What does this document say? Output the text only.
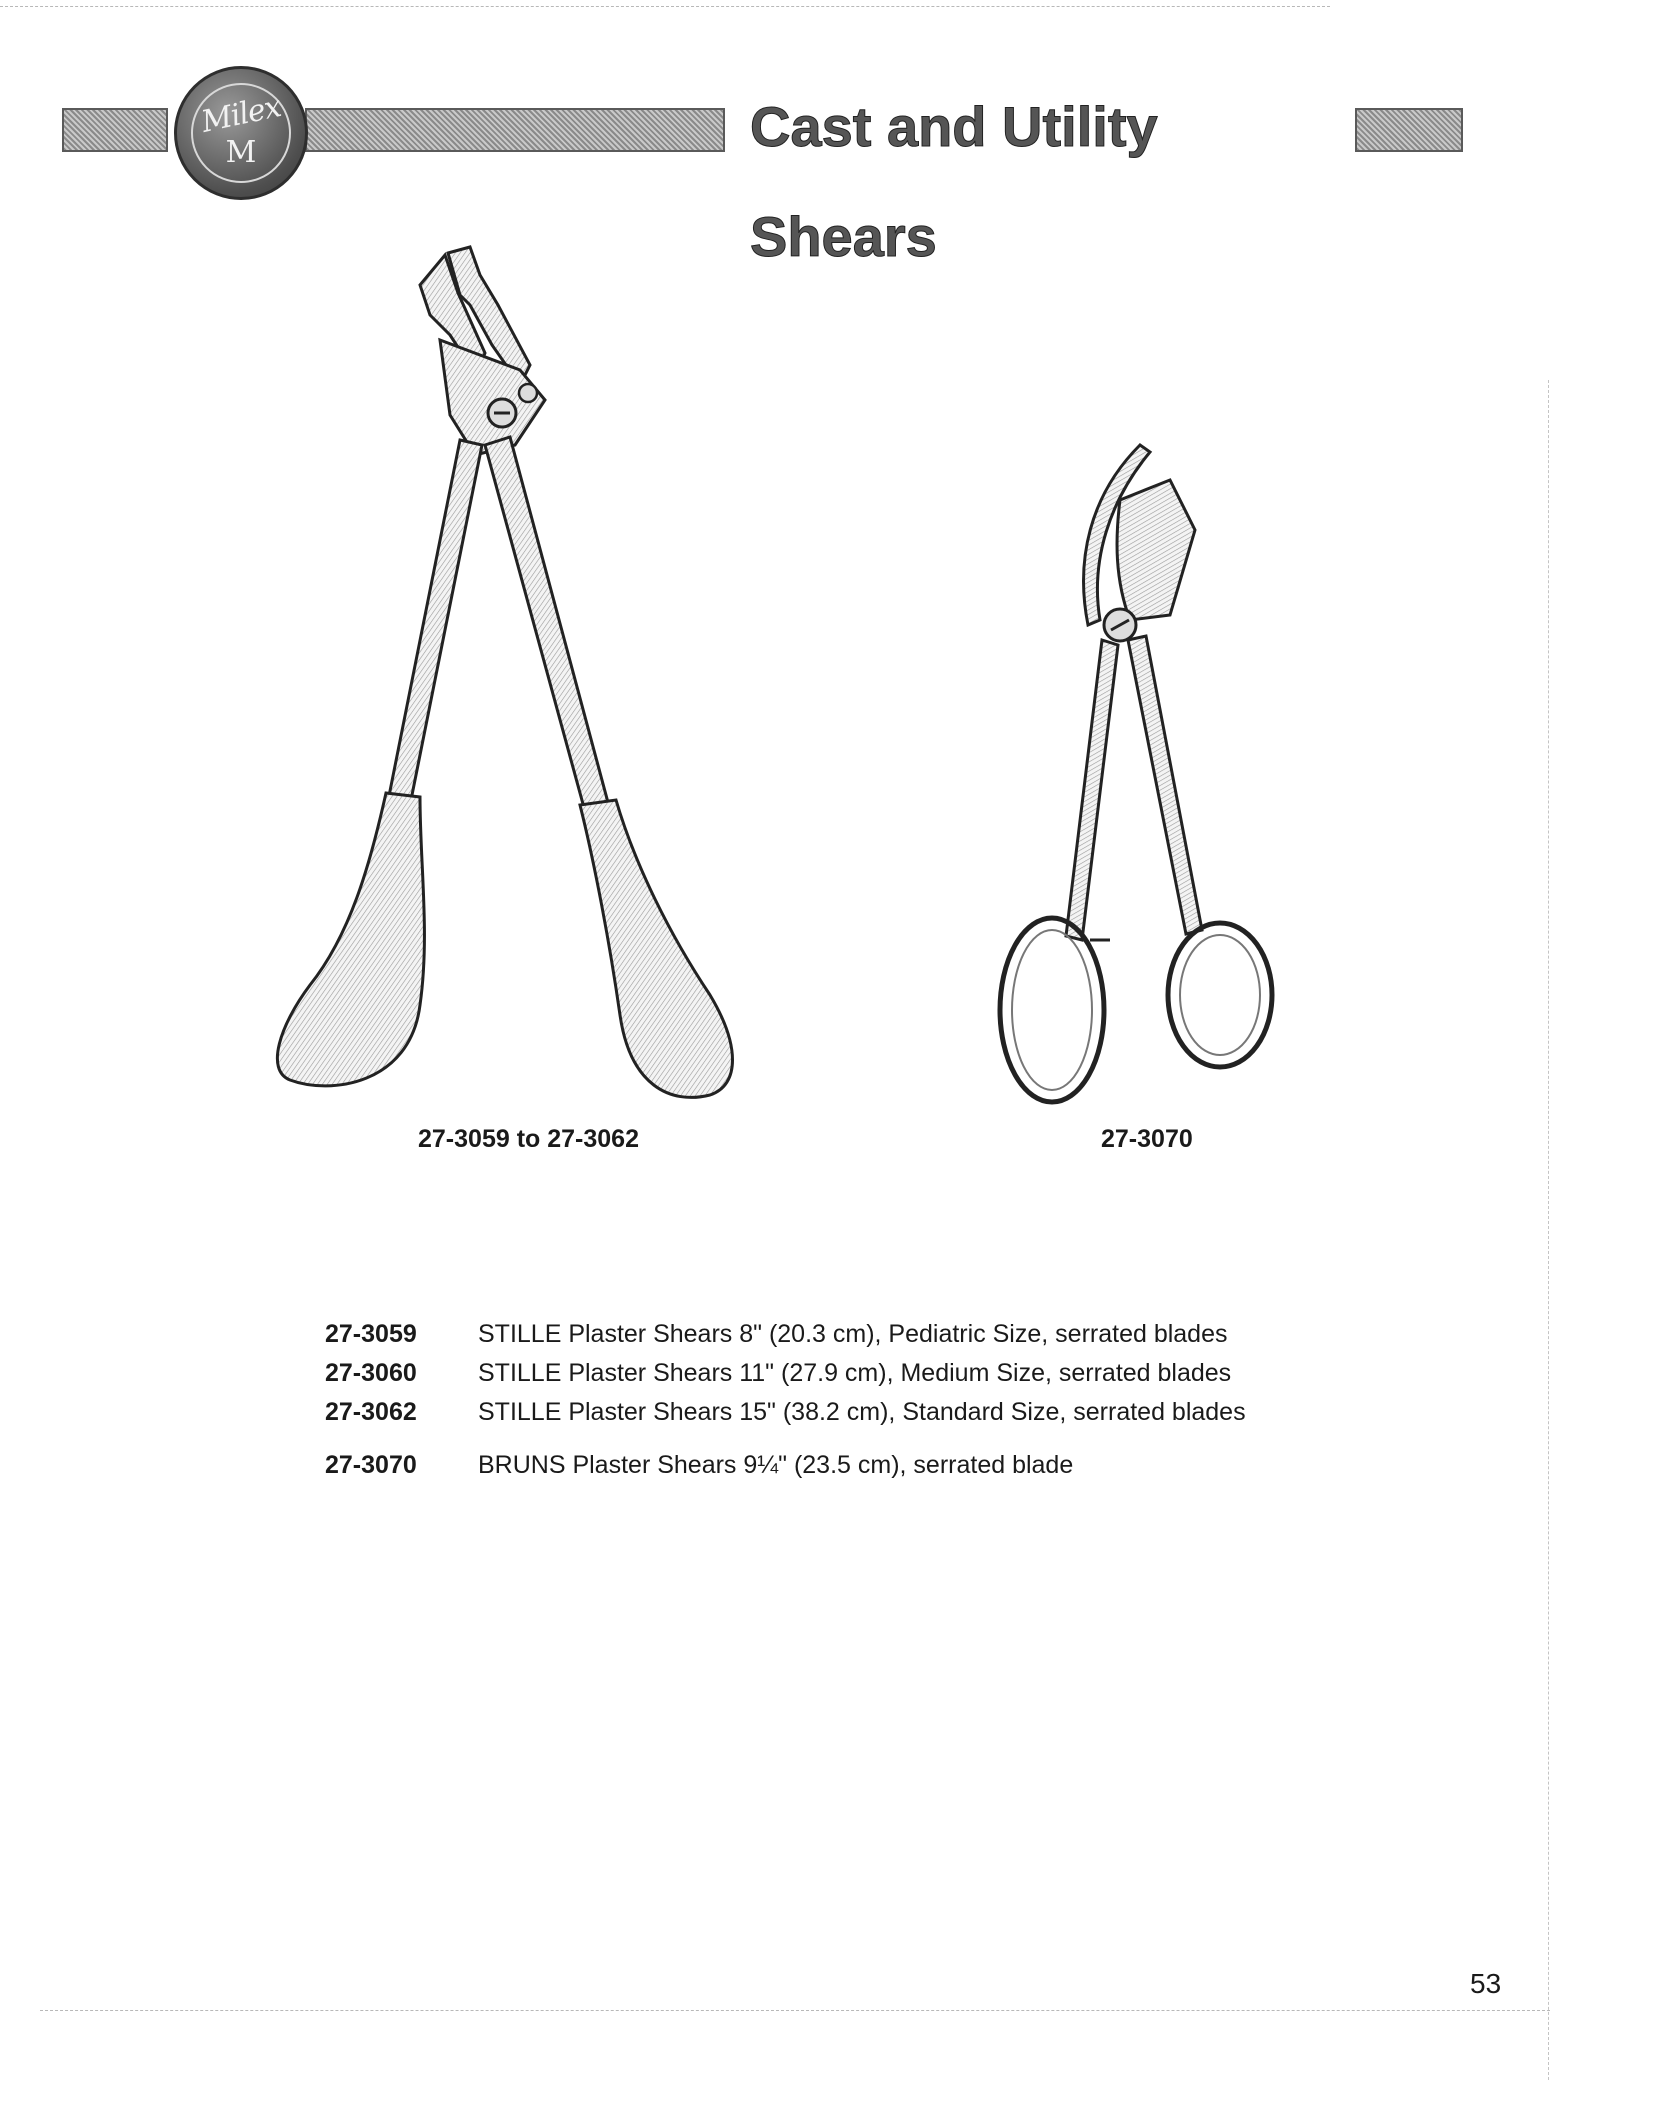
Milex
M	Cast and Utility Shears
27-3059 to 27-3062	27-3070
27-3059 STILLE Plaster Shears 8" (20.3 cm), Pediatric Size, serrated blades
27-3060 STILLE Plaster Shears 11" (27.9 cm), Medium Size, serrated blades
27-3062 STILLE Plaster Shears 15" (38.2 cm), Standard Size, serrated blades
27-3070 BRUNS Plaster Shears 9¼" (23.5 cm), serrated blade
53
